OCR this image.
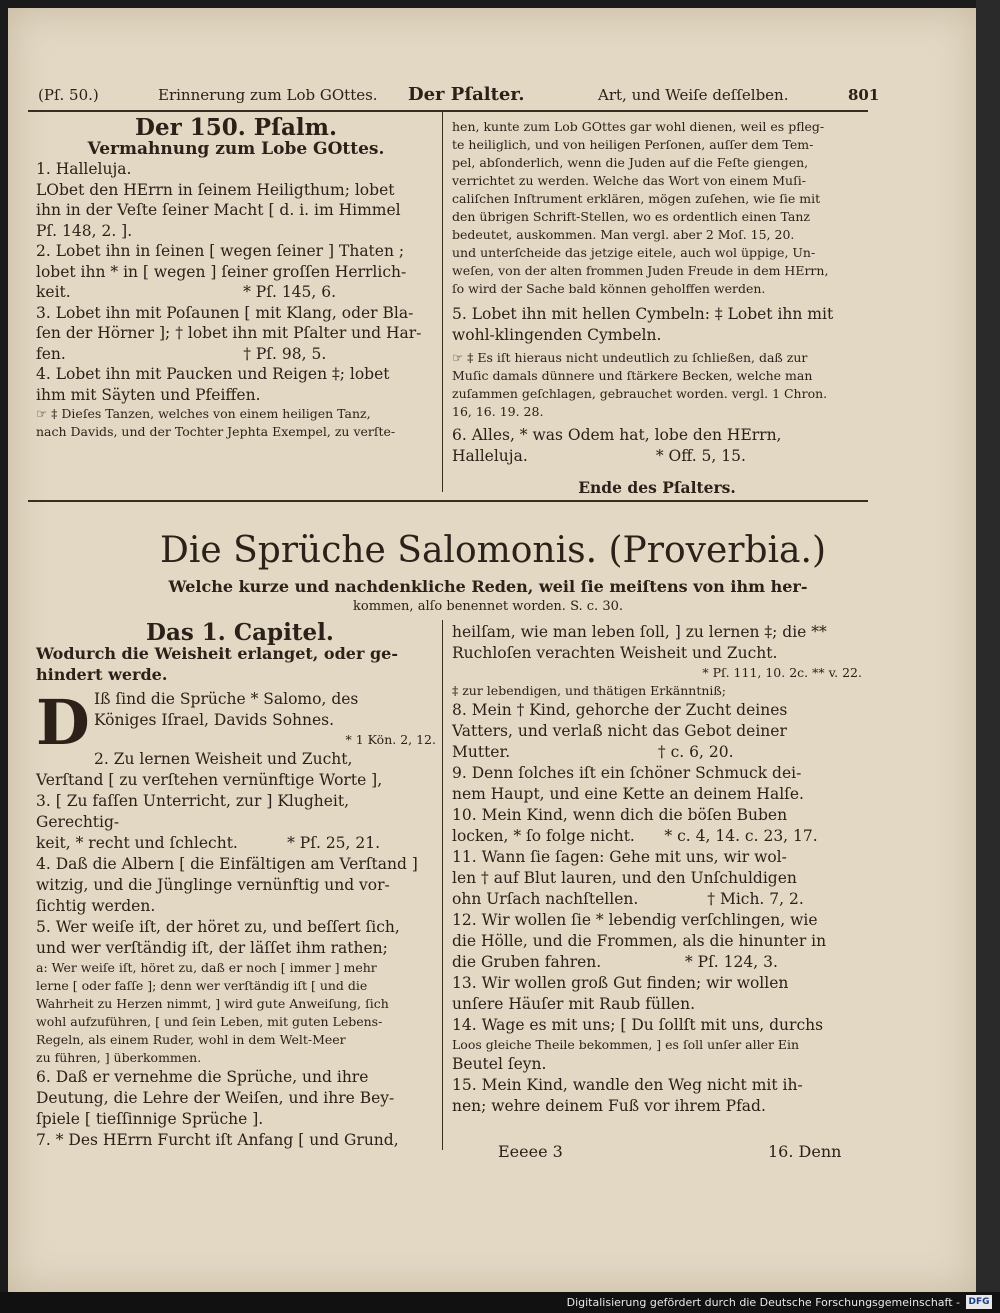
(Pſ. 50.)	Erinnerung zum Lob GOttes. Der Pſalter.	Art, und Weiſe deſſelben.	801

Der 150. Pſalm.

Vermahnung zum Lobe GOttes.

1. Halleluja.

LObet den HErrn in ſeinem Heiligthum; lobet

ihn in der Veſte ſeiner Macht [ d. i. im Himmel

Pſ. 148, 2. ].

2. Lobet ihn in ſeinen [ wegen ſeiner ] Thaten ;

lobet ihn * in [ wegen ] ſeiner groſſen Herrlich-

keit.                                   * Pſ. 145, 6.

3. Lobet ihn mit Poſaunen [ mit Klang, oder Bla-

ſen der Hörner ]; † lobet ihn mit Pſalter und Har-

fen.                                    † Pſ. 98, 5.

4. Lobet ihn mit Paucken und Reigen ‡; lobet

ihm mit Säyten und Pfeiffen.

☞ ‡ Dieſes Tanzen, welches von einem heiligen Tanz,

nach Davids, und der Tochter Jephta Exempel, zu verſte-

hen, kunte zum Lob GOttes gar wohl dienen, weil es pfleg-

te heiliglich, und von heiligen Perſonen, auſſer dem Tem-

pel, abſonderlich, wenn die Juden auf die Feſte giengen,

verrichtet zu werden. Welche das Wort von einem Muſi-

caliſchen Inſtrument erklären, mögen zuſehen, wie ſie mit

den übrigen Schrift-Stellen, wo es ordentlich einen Tanz

bedeutet, auskommen. Man vergl. aber 2 Moſ. 15, 20.

und unterſcheide das jetzige eitele, auch wol üppige, Un-

weſen, von der alten frommen Juden Freude in dem HErrn,

ſo wird der Sache bald können geholffen werden.

5. Lobet ihn mit hellen Cymbeln: ‡ Lobet ihn mit

wohl-klingenden Cymbeln.

☞ ‡ Es iſt hieraus nicht undeutlich zu ſchließen, daß zur

Muſic damals dünnere und ſtärkere Becken, welche man

zuſammen geſchlagen, gebrauchet worden. vergl. 1 Chron.

16, 16. 19. 28.

6. Alles, * was Odem hat, lobe den HErrn,

Halleluja.                          * Off. 5, 15.

Ende des Pſalters.

Die Sprüche Salomonis. (Proverbia.)
Welche kurze und nachdenkliche Reden, weil ſie meiſtens von ihm her-
kommen, alſo benennet worden. S. c. 30.

Das 1. Capitel.

Wodurch die Weisheit erlanget, oder ge-hindert werde.

D Iß ſind die Sprüche * Salomo, des

Königes Iſrael, Davids Sohnes.

* 1 Kön. 2, 12.

2. Zu lernen Weisheit und Zucht,

Verſtand [ zu verſtehen vernünftige Worte ],

3. [ Zu faſſen Unterricht, zur ] Klugheit, Gerechtig-

keit, * recht und ſchlecht.          * Pſ. 25, 21.

4. Daß die Albern [ die Einfältigen am Verſtand ]

witzig, und die Jünglinge vernünftig und vor-

ſichtig werden.

5. Wer weiſe iſt, der höret zu, und beſſert ſich,

und wer verſtändig iſt, der läſſet ihm rathen;

a: Wer weiſe iſt, höret zu, daß er noch [ immer ] mehr

lerne [ oder faſſe ]; denn wer verſtändig iſt [ und die

Wahrheit zu Herzen nimmt, ] wird gute Anweiſung, ſich

wohl aufzuführen, [ und ſein Leben, mit guten Lebens-

Regeln, als einem Ruder, wohl in dem Welt-Meer

zu führen, ] überkommen.

6. Daß er vernehme die Sprüche, und ihre

Deutung, die Lehre der Weiſen, und ihre Bey-

ſpiele [ tieſſinnige Sprüche ].

7. * Des HErrn Furcht iſt Anfang [ und Grund,

heilſam, wie man leben ſoll, ] zu lernen ‡; die **

Ruchloſen verachten Weisheit und Zucht.

* Pſ. 111, 10. 2c. ** v. 22.

‡ zur lebendigen, und thätigen Erkänntniß;

8. Mein † Kind, gehorche der Zucht deines

Vatters, und verlaß nicht das Gebot deiner

Mutter.                              † c. 6, 20.

9. Denn ſolches iſt ein ſchöner Schmuck dei-

nem Haupt, und eine Kette an deinem Halſe.

10. Mein Kind, wenn dich die böſen Buben

locken, * ſo folge nicht.      * c. 4, 14. c. 23, 17.

11. Wann ſie ſagen: Gehe mit uns, wir wol-

len † auf Blut lauren, und den Unſchuldigen

ohn Urſach nachſtellen.              † Mich. 7, 2.

12. Wir wollen ſie * lebendig verſchlingen, wie

die Hölle, und die Frommen, als die hinunter in

die Gruben fahren.                 * Pſ. 124, 3.

13. Wir wollen groß Gut finden; wir wollen

unſere Häuſer mit Raub füllen.

14. Wage es mit uns; [ Du ſollſt mit uns, durchs

Loos gleiche Theile bekommen, ] es ſoll unſer aller Ein

Beutel ſeyn.

15. Mein Kind, wandle den Weg nicht mit ih-

nen; wehre deinem Fuß vor ihrem Pfad.

Eeeee 3	16. Denn
Digitalisierung gefördert durch die Deutsche Forschungsgemeinschaft - DFG
